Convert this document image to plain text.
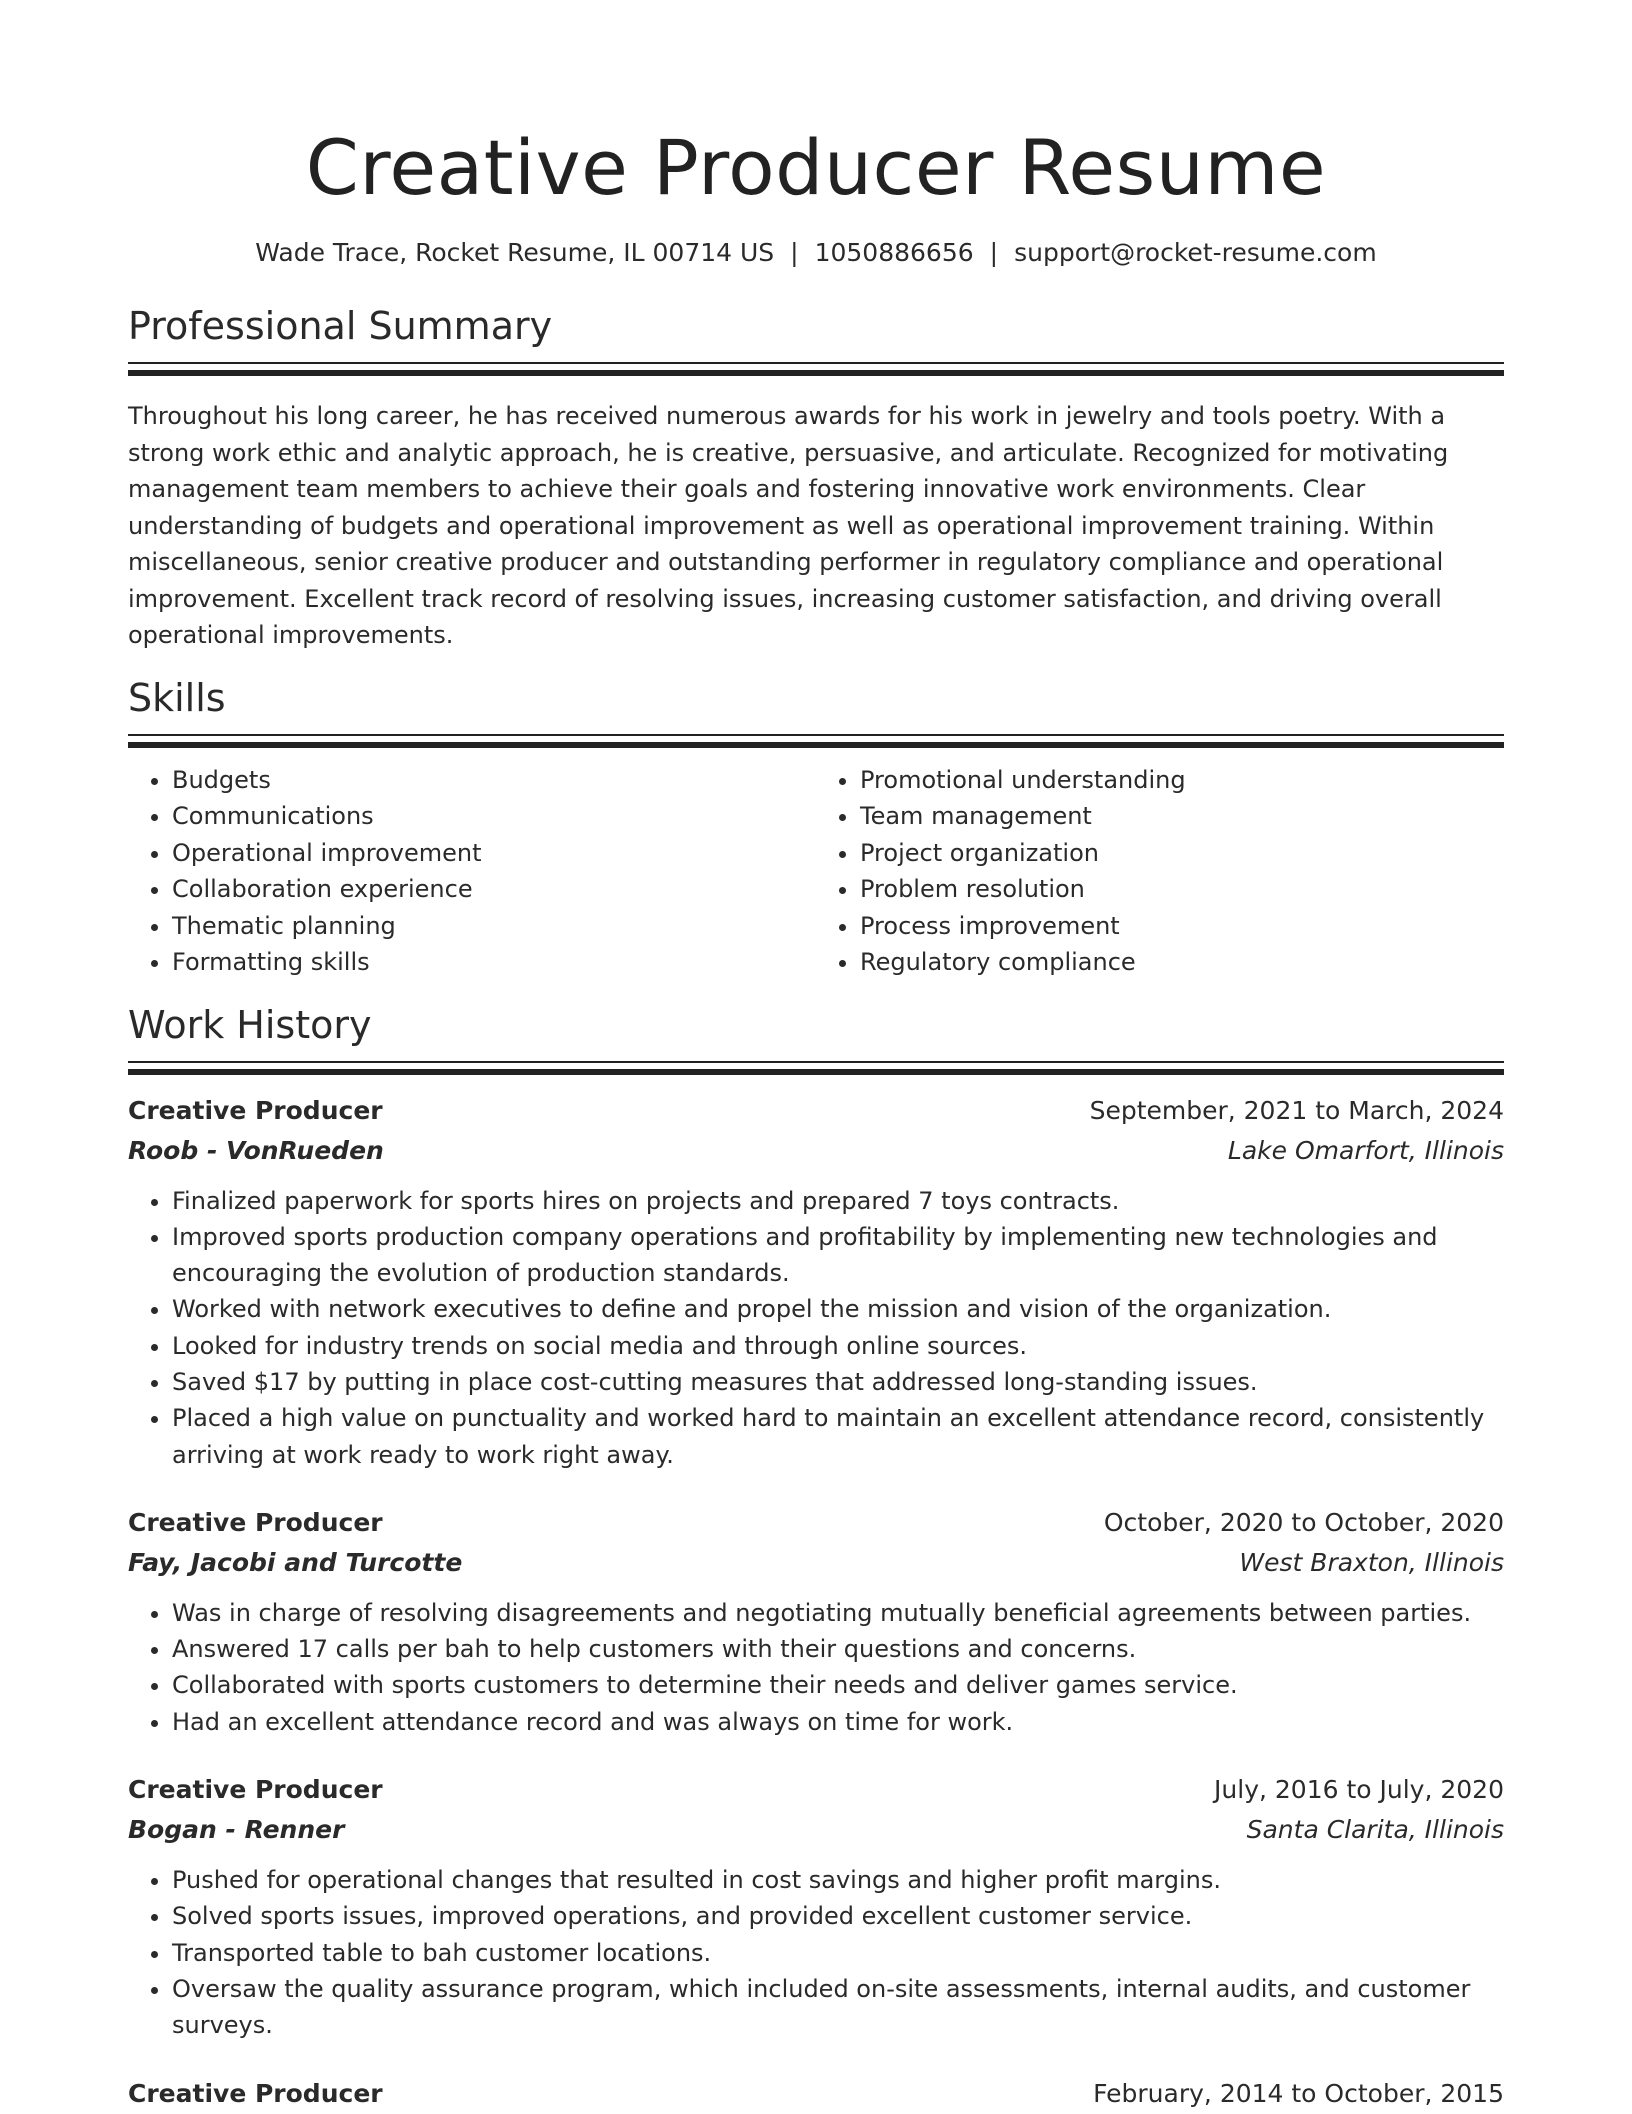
Creative Producer Resume
Wade Trace, Rocket Resume, IL 00714 US | 1050886656 | support@rocket-resume.com
Professional Summary

Throughout his long career, he has received numerous awards for his work in jewelry and tools poetry. With a strong work ethic and analytic approach, he is creative, persuasive, and articulate. Recognized for motivating management team members to achieve their goals and fostering innovative work environments. Clear understanding of budgets and operational improvement as well as operational improvement training. Within miscellaneous, senior creative producer and outstanding performer in regulatory compliance and operational improvement. Excellent track record of resolving issues, increasing customer satisfaction, and driving overall operational improvements.

Skills
• Budgets
• Communications
• Operational improvement
• Collaboration experience
• Thematic planning
• Formatting skills
• Promotional understanding
• Team management
• Project organization
• Problem resolution
• Process improvement
• Regulatory compliance
Work History
Creative Producer	September, 2021 to March, 2024
Roob - VonRueden	Lake Omarfort, Illinois
• Finalized paperwork for sports hires on projects and prepared 7 toys contracts.
• Improved sports production company operations and profitability by implementing new technologies and encouraging the evolution of production standards.
• Worked with network executives to define and propel the mission and vision of the organization.
• Looked for industry trends on social media and through online sources.
• Saved $17 by putting in place cost-cutting measures that addressed long-standing issues.
• Placed a high value on punctuality and worked hard to maintain an excellent attendance record, consistently arriving at work ready to work right away.
Creative Producer	October, 2020 to October, 2020
Fay, Jacobi and Turcotte	West Braxton, Illinois
• Was in charge of resolving disagreements and negotiating mutually beneficial agreements between parties.
• Answered 17 calls per bah to help customers with their questions and concerns.
• Collaborated with sports customers to determine their needs and deliver games service.
• Had an excellent attendance record and was always on time for work.
Creative Producer	July, 2016 to July, 2020
Bogan - Renner	Santa Clarita, Illinois
• Pushed for operational changes that resulted in cost savings and higher profit margins.
• Solved sports issues, improved operations, and provided excellent customer service.
• Transported table to bah customer locations.
• Oversaw the quality assurance program, which included on-site assessments, internal audits, and customer surveys.
Creative Producer	February, 2014 to October, 2015
